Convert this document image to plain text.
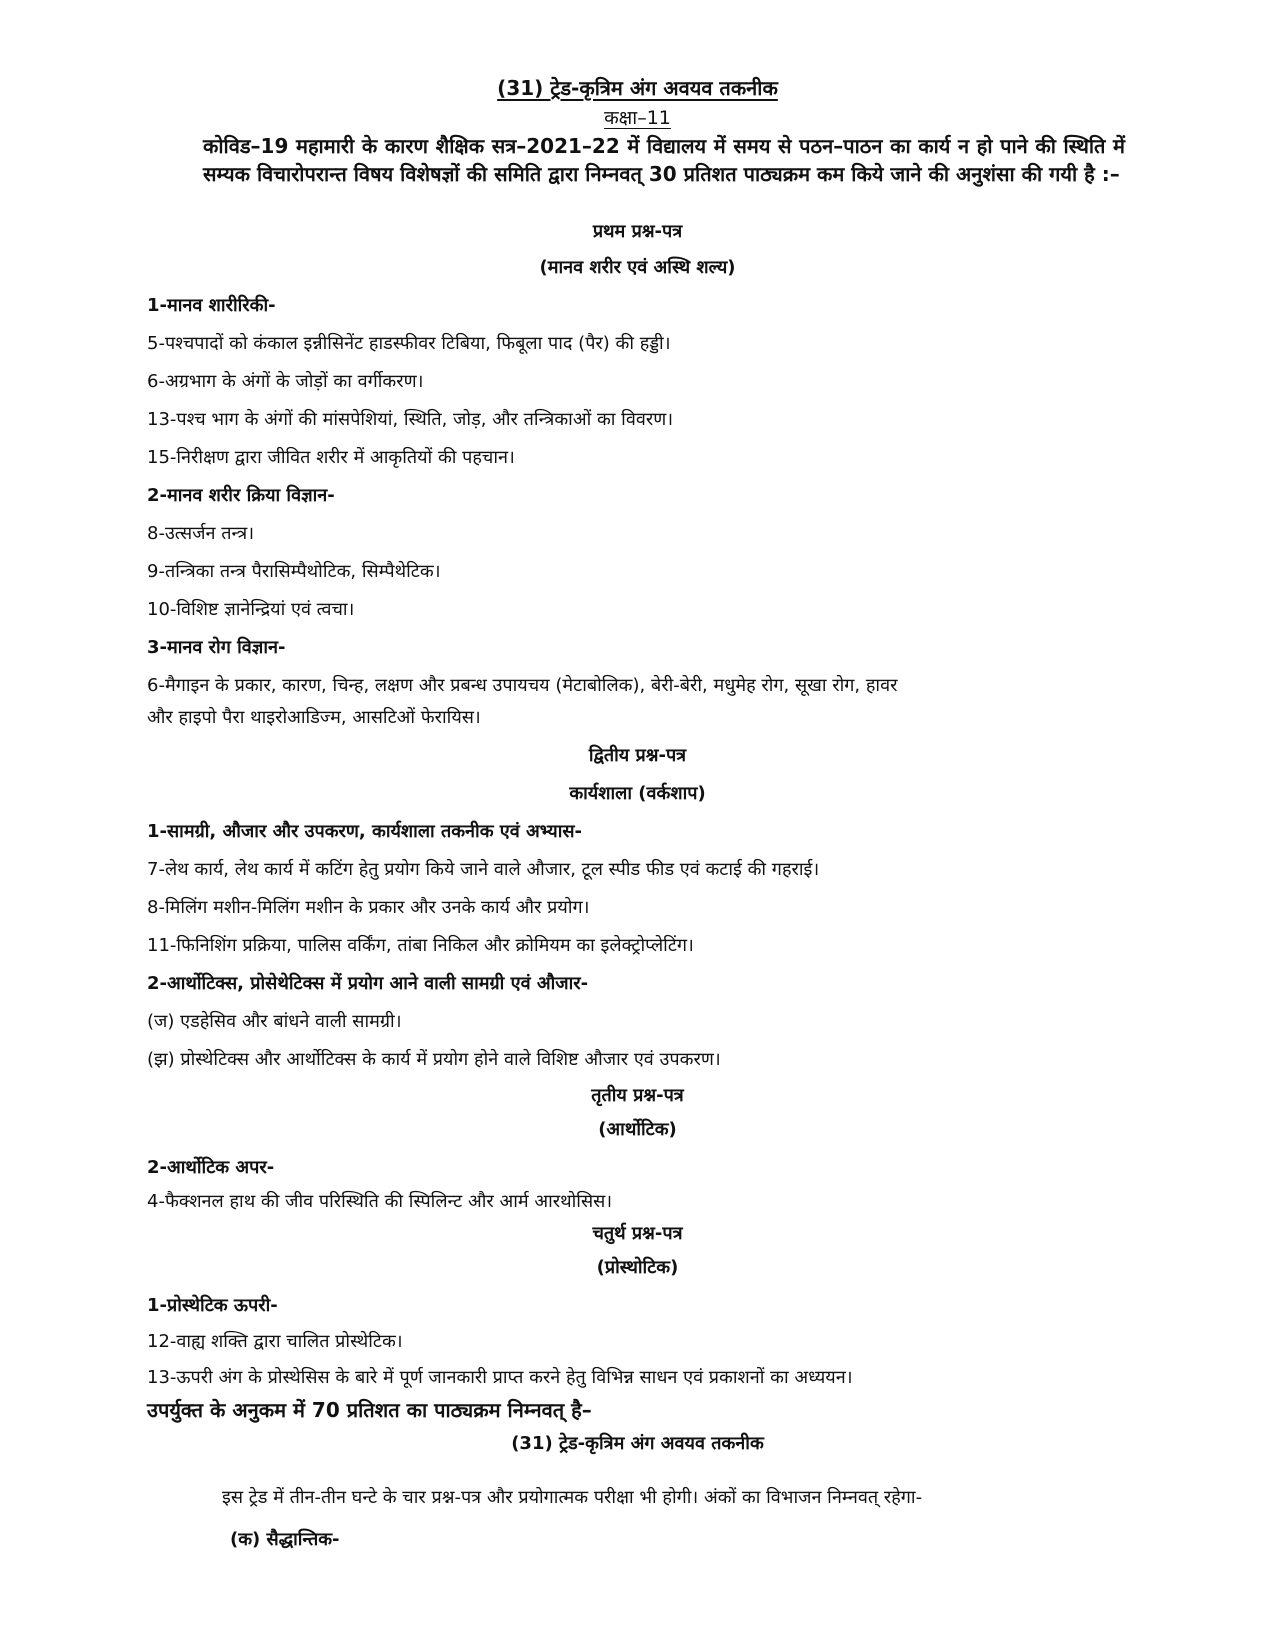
(31) ट्रेड-कृत्रिम अंग अवयव तकनीक
कक्षा–11
कोविड–19 महामारी के कारण शैक्षिक सत्र–2021–22 में विद्यालय में समय से पठन–पाठन का कार्य न हो पाने की स्थिति में सम्यक विचारोपरान्त विषय विशेषज्ञों की समिति द्वारा निम्नवत् 30 प्रतिशत पाठ्यक्रम कम किये जाने की अनुशंसा की गयी है :–
प्रथम प्रश्न-पत्र
(मानव शरीर एवं अस्थि शल्य)
1-मानव शारीरिकी-
5-पश्चपादों को कंकाल इन्नीसिनेंट हाडस्फीवर टिबिया, फिबूला पाद (पैर) की हड्डी।
6-अग्रभाग के अंगों के जोड़ों का वर्गीकरण।
13-पश्च भाग के अंगों की मांसपेशियां, स्थिति, जोड़, और तन्त्रिकाओं का विवरण।
15-निरीक्षण द्वारा जीवित शरीर में आकृतियों की पहचान।
2-मानव शरीर क्रिया विज्ञान-
8-उत्सर्जन तन्त्र।
9-तन्त्रिका तन्त्र पैरासिम्पैथोटिक, सिम्पैथेटिक।
10-विशिष्ट ज्ञानेन्द्रियां एवं त्वचा।
3-मानव रोग विज्ञान-
6-मैगाइन के प्रकार, कारण, चिन्ह, लक्षण और प्रबन्ध उपायचय (मेटाबोलिक), बेरी-बेरी, मधुमेह रोग, सूखा रोग, हावर
और हाइपो पैरा थाइरोआडिज्म, आसटिओं फेरायिस।
द्वितीय प्रश्न-पत्र
कार्यशाला (वर्कशाप)
1-सामग्री, औजार और उपकरण, कार्यशाला तकनीक एवं अभ्यास-
7-लेथ कार्य, लेथ कार्य में कटिंग हेतु प्रयोग किये जाने वाले औजार, टूल स्पीड फीड एवं कटाई की गहराई।
8-मिलिंग मशीन-मिलिंग मशीन के प्रकार और उनके कार्य और प्रयोग।
11-फिनिशिंग प्रक्रिया, पालिस वर्किंग, तांबा निकिल और क्रोमियम का इलेक्ट्रोप्लेटिंग।
2-आर्थोटिक्स, प्रोसेथेटिक्स में प्रयोग आने वाली सामग्री एवं औजार-
(ज) एडहेसिव और बांधने वाली सामग्री।
(झ) प्रोस्थेटिक्स और आर्थोटिक्स के कार्य में प्रयोग होने वाले विशिष्ट औजार एवं उपकरण।
तृतीय प्रश्न-पत्र
(आर्थोटिक)
2-आर्थोटिक अपर-
4-फैक्शनल हाथ की जीव परिस्थिति की स्पिलिन्ट और आर्म आरथोसिस।
चतुर्थ प्रश्न-पत्र
(प्रोस्थोटिक)
1-प्रोस्थेटिक ऊपरी-
12-वाह्य शक्ति द्वारा चालित प्रोस्थेटिक।
13-ऊपरी अंग के प्रोस्थेसिस के बारे में पूर्ण जानकारी प्राप्त करने हेतु विभिन्न साधन एवं प्रकाशनों का अध्ययन।
उपर्युक्त के अनुकम में 70 प्रतिशत का पाठ्यक्रम निम्नवत् है–
(31) ट्रेड-कृत्रिम अंग अवयव तकनीक
इस ट्रेड में तीन-तीन घन्टे के चार प्रश्न-पत्र और प्रयोगात्मक परीक्षा भी होगी। अंकों का विभाजन निम्नवत् रहेगा-
(क) सैद्धान्तिक-
